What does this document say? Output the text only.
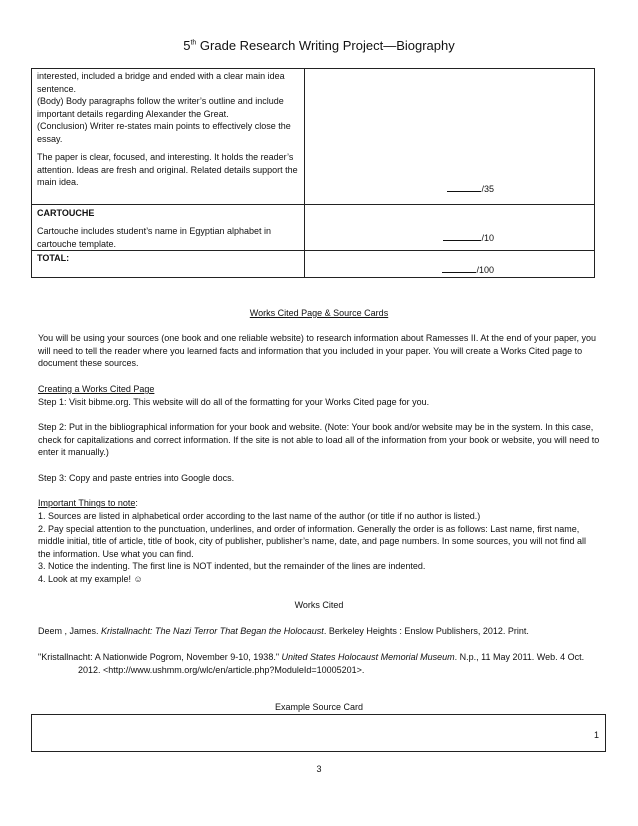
5th Grade Research Writing Project—Biography

interested, included a bridge and ended with a clear main idea sentence.

(Body) Body paragraphs follow the writer’s outline and include important details regarding Alexander the Great.

(Conclusion) Writer re-states main points to effectively close the essay.

The paper is clear, focused, and interesting. It holds the reader’s attention. Ideas are fresh and original. Related details support the main idea.	/35

CARTOUCHE

Cartouche includes student’s name in Egyptian alphabet in cartouche template.	/10

TOTAL:	/100
Works Cited Page & Source Cards
You will be using your sources (one book and one reliable website) to research information about Ramesses II. At the end of your paper, you will need to tell the reader where you learned facts and information that you included in your paper. You will create a Works Cited page to document these sources.
Creating a Works Cited Page
Step 1: Visit bibme.org. This website will do all of the formatting for your Works Cited page for you.
Step 2: Put in the bibliographical information for your book and website. (Note: Your book and/or website may be in the system. In this case, check for capitalizations and correct information. If the site is not able to load all of the information from your book or website, you will need to enter it manually.)
Step 3: Copy and paste entries into Google docs.
Important Things to note:
1. Sources are listed in alphabetical order according to the last name of the author (or title if no author is listed.)
2. Pay special attention to the punctuation, underlines, and order of information. Generally the order is as follows: Last name, first name, middle initial, title of article, title of book, city of publisher, publisher’s name, date, and page numbers. In some sources, you will not find all the information. Use what you can find.
3. Notice the indenting. The first line is NOT indented, but the remainder of the lines are indented.
4. Look at my example! ☺
Works Cited

Deem , James. Kristallnacht: The Nazi Terror That Began the Holocaust. Berkeley Heights : Enslow Publishers, 2012. Print.

"Kristallnacht: A Nationwide Pogrom, November 9-10, 1938." United States Holocaust Memorial Museum. N.p., 11 May 2011. Web. 4 Oct. 2012. <http://www.ushmm.org/wlc/en/article.php?ModuleId=10005201>.

Example Source Card
1
3
